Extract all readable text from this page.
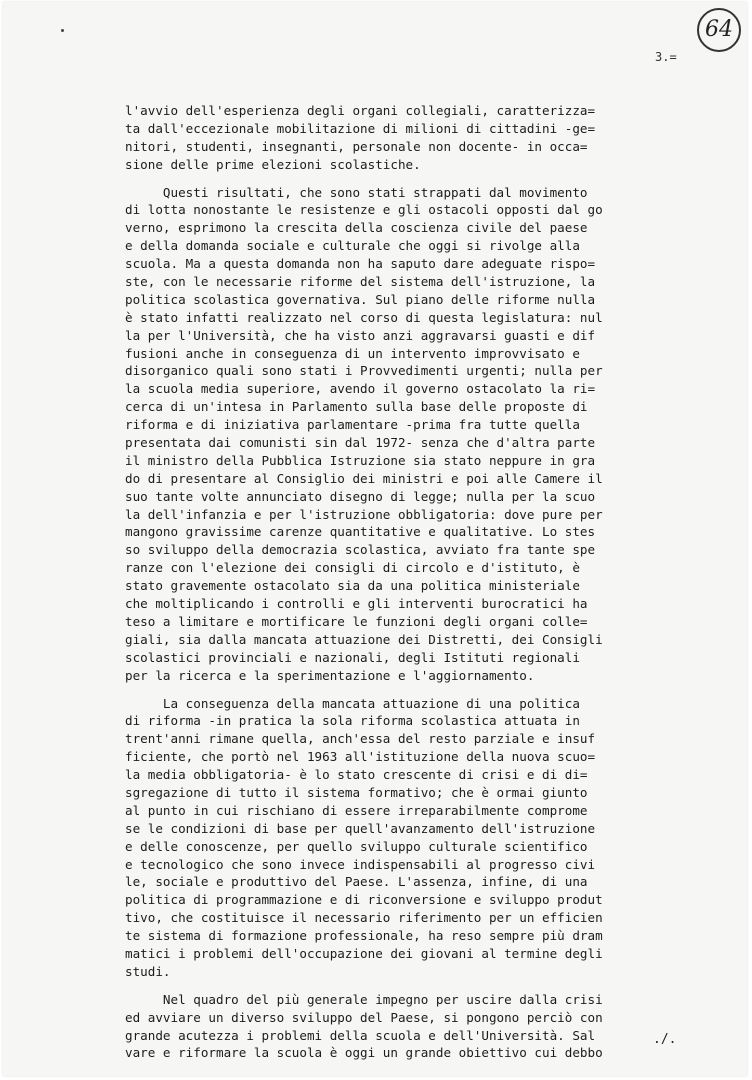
64
3.=
l'avvio dell'esperienza degli organi collegiali, caratterizza=
ta dall'eccezionale mobilitazione di milioni di cittadini -ge=
nitori, studenti, insegnanti, personale non docente- in occa=
sione delle prime elezioni scolastiche.
Questi risultati, che sono stati strappati dal movimento
di lotta nonostante le resistenze e gli ostacoli opposti dal go
verno, esprimono la crescita della coscienza civile del paese
e della domanda sociale e culturale che oggi si rivolge alla
scuola. Ma a questa domanda non ha saputo dare adeguate rispo=
ste, con le necessarie riforme del sistema dell'istruzione, la
politica scolastica governativa. Sul piano delle riforme nulla
è stato infatti realizzato nel corso di questa legislatura: nul
la per l'Università, che ha visto anzi aggravarsi guasti e dif
fusioni anche in conseguenza di un intervento improvvisato e
disorganico quali sono stati i Provvedimenti urgenti; nulla per
la scuola media superiore, avendo il governo ostacolato la ri=
cerca di un'intesa in Parlamento sulla base delle proposte di
riforma e di iniziativa parlamentare -prima fra tutte quella
presentata dai comunisti sin dal 1972- senza che d'altra parte
il ministro della Pubblica Istruzione sia stato neppure in gra
do di presentare al Consiglio dei ministri e poi alle Camere il
suo tante volte annunciato disegno di legge; nulla per la scuo
la dell'infanzia e per l'istruzione obbligatoria: dove pure per
mangono gravissime carenze quantitative e qualitative. Lo stes
so sviluppo della democrazia scolastica, avviato fra tante spe
ranze con l'elezione dei consigli di circolo e d'istituto, è
stato gravemente ostacolato sia da una politica ministeriale
che moltiplicando i controlli e gli interventi burocratici ha
teso a limitare e mortificare le funzioni degli organi colle=
giali, sia dalla mancata attuazione dei Distretti, dei Consigli
scolastici provinciali e nazionali, degli Istituti regionali
per la ricerca e la sperimentazione e l'aggiornamento.
La conseguenza della mancata attuazione di una politica
di riforma -in pratica la sola riforma scolastica attuata in
trent'anni rimane quella, anch'essa del resto parziale e insuf
ficiente, che portò nel 1963 all'istituzione della nuova scuo=
la media obbligatoria- è lo stato crescente di crisi e di di=
sgregazione di tutto il sistema formativo; che è ormai giunto
al punto in cui rischiano di essere irreparabilmente comprome
se le condizioni di base per quell'avanzamento dell'istruzione
e delle conoscenze, per quello sviluppo culturale scientifico
e tecnologico che sono invece indispensabili al progresso civi
le, sociale e produttivo del Paese. L'assenza, infine, di una
politica di programmazione e di riconversione e sviluppo produt
tivo, che costituisce il necessario riferimento per un efficien
te sistema di formazione professionale, ha reso sempre più dram
matici i problemi dell'occupazione dei giovani al termine degli
studi.
Nel quadro del più generale impegno per uscire dalla crisi
ed avviare un diverso sviluppo del Paese, si pongono perciò con
grande acutezza i problemi della scuola e dell'Università. Sal
vare e riformare la scuola è oggi un grande obiettivo cui debbo
./.
